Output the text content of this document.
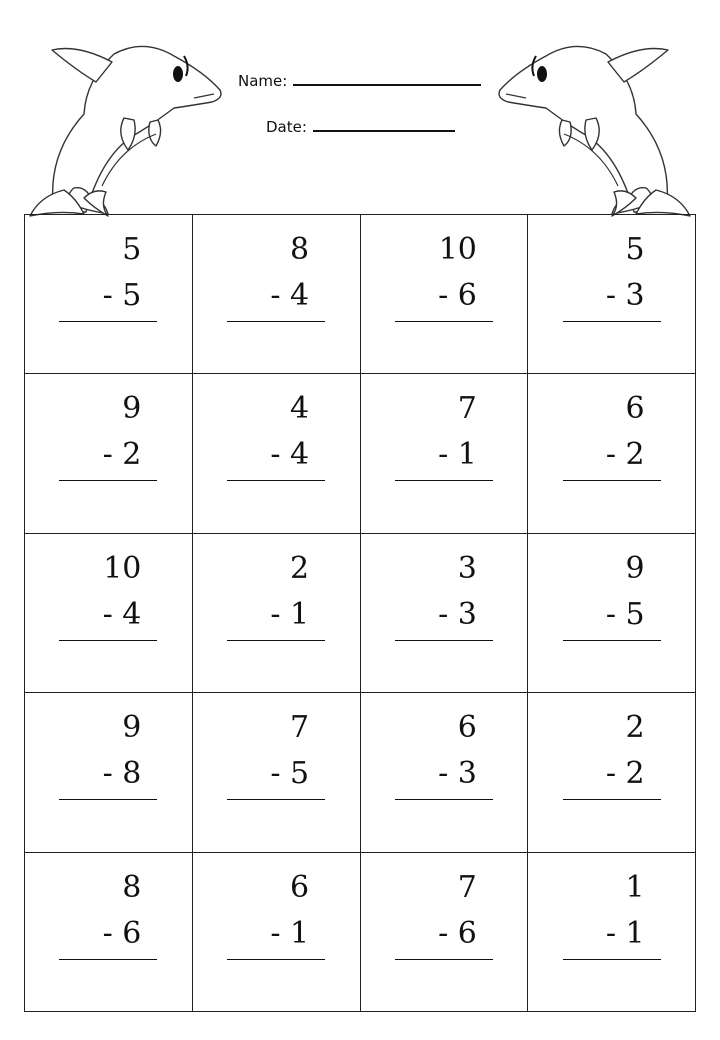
Name:
Date:
5
- 5
8
- 4
10
- 6
5
- 3
9
- 2
4
- 4
7
- 1
6
- 2
10
- 4
2
- 1
3
- 3
9
- 5
9
- 8
7
- 5
6
- 3
2
- 2
8
- 6
6
- 1
7
- 6
1
- 1
